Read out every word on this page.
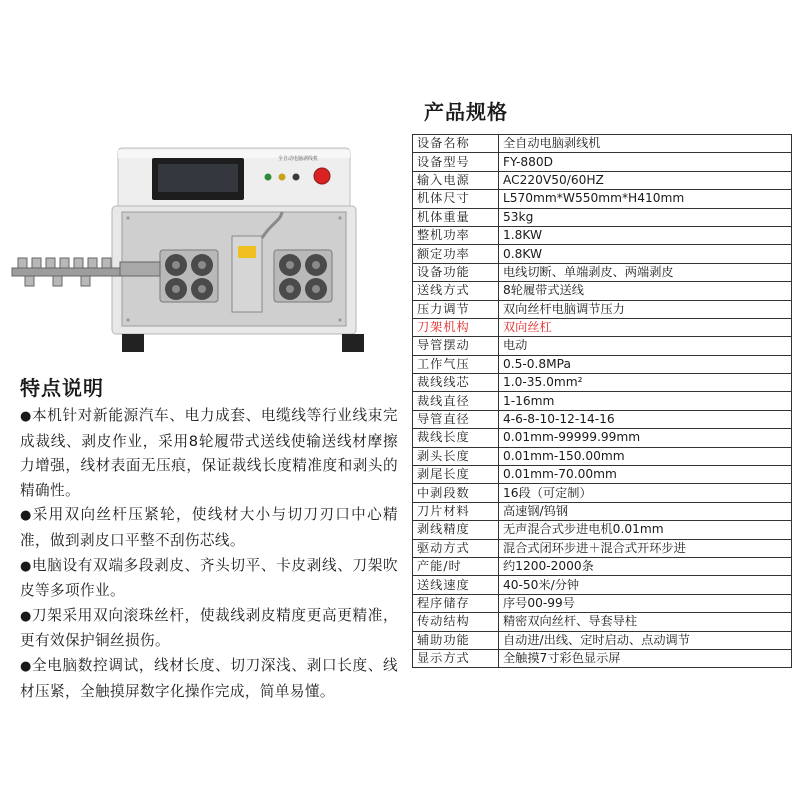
全自动电脑剥线机
产品规格
设备名称	全自动电脑剥线机
设备型号	FY-880D
输入电源	AC220V50/60HZ
机体尺寸	L570mm*W550mm*H410mm
机体重量	53kg
整机功率	1.8KW
额定功率	0.8KW
设备功能	电线切断、单端剥皮、两端剥皮
送线方式	8轮履带式送线
压力调节	双向丝杆电脑调节压力
刀架机构	双向丝杠
导管摆动	电动
工作气压	0.5-0.8MPa
裁线线芯	1.0-35.0mm²
裁线直径	1-16mm
导管直径	4-6-8-10-12-14-16
裁线长度	0.01mm-99999.99mm
剥头长度	0.01mm-150.00mm
剥尾长度	0.01mm-70.00mm
中剥段数	16段（可定制）
刀片材料	高速钢/钨钢
剥线精度	无声混合式步进电机0.01mm
驱动方式	混合式闭环步进＋混合式开环步进
产能/时	约1200-2000条
送线速度	40-50米/分钟
程序储存	序号00-99号
传动结构	精密双向丝杆、导套导柱
辅助功能	自动进/出线、定时启动、点动调节
显示方式	全触摸7寸彩色显示屏
特点说明

●本机针对新能源汽车、电力成套、电缆线等行业线束完成裁线、剥皮作业，采用8轮履带式送线使输送线材摩擦力增强，线材表面无压痕，保证裁线长度精准度和剥头的精确性。

●采用双向丝杆压紧轮，使线材大小与切刀刃口中心精准，做到剥皮口平整不刮伤芯线。

●电脑设有双端多段剥皮、齐头切平、卡皮剥线、刀架吹皮等多项作业。

●刀架采用双向滚珠丝杆，使裁线剥皮精度更高更精准，更有效保护铜丝损伤。

●全电脑数控调试，线材长度、切刀深浅、剥口长度、线材压紧，全触摸屏数字化操作完成，简单易懂。
